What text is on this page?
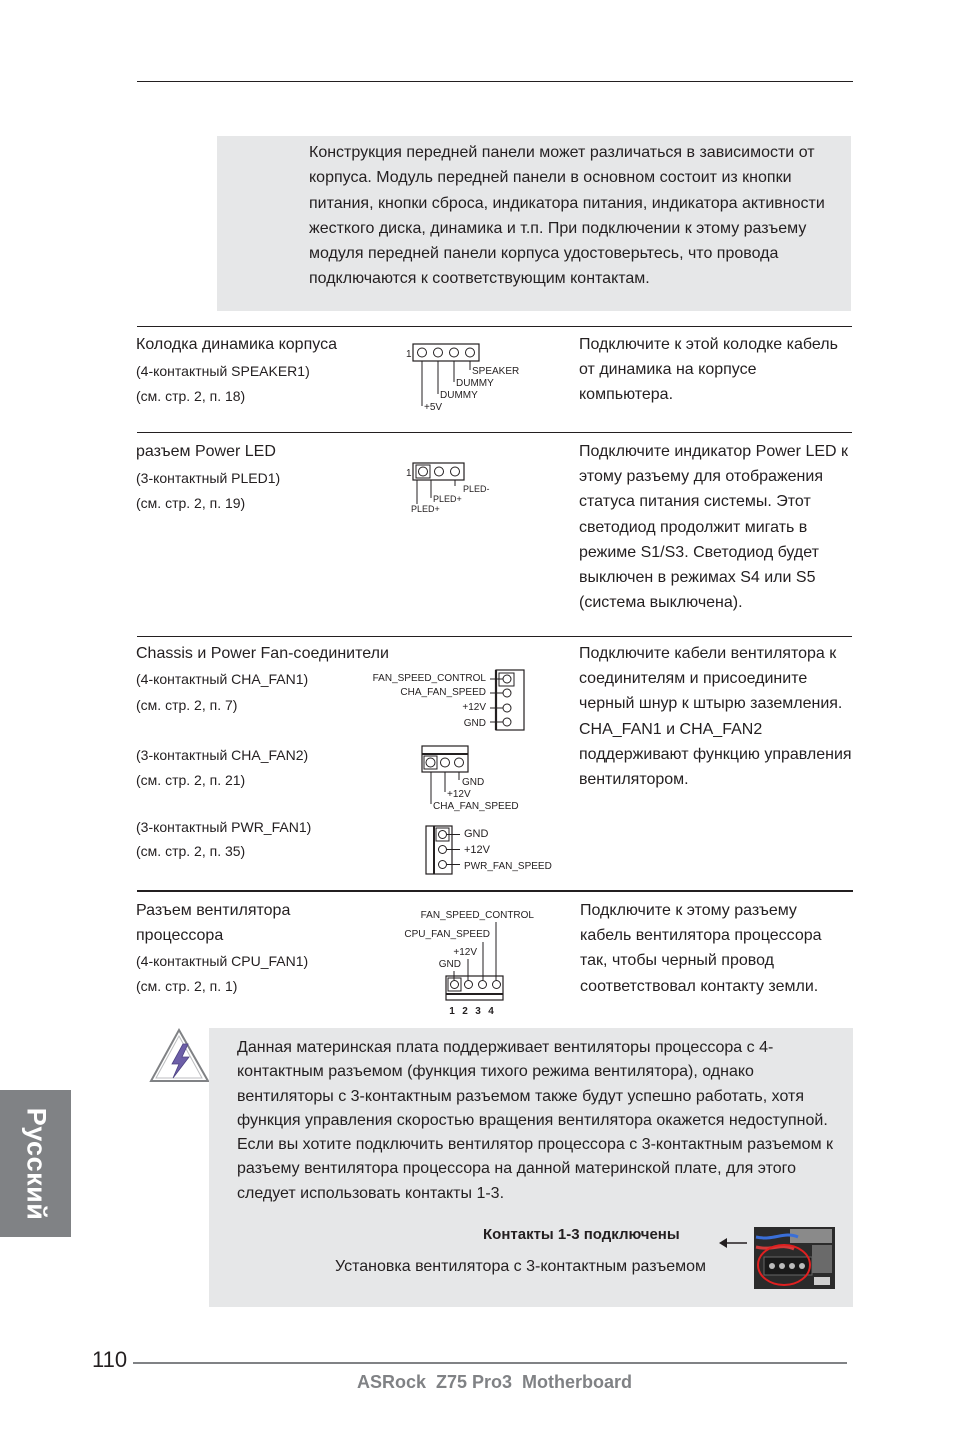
Конструкция передней панели может различаться в зависимости от корпуса. Модуль передней панели в основном состоит из кнопки питания, кнопки сброса, индикатора питания, индикатора активности жесткого диска, динамика и т.п. При подключении к этому разъему модуля передней панели корпуса удостоверьтесь, что провода подключаются к соответствующим контактам.
Колодка динамика корпуса
(4-контактный SPEAKER1)
(см. стр. 2, п. 18)
Подключите к этой колодке кабель от динамика на корпусе компьютера.
1
SPEAKER
DUMMY
DUMMY
+5V
разъем Power LED
(3-контактный PLED1)
(см. стр. 2, п. 19)
Подключите индикатор Power LED к этому разъему для отображения статуса питания системы. Этот светодиод продолжит мигать в режиме S1/S3. Светодиод будет выключен в режимах S4 или S5 (система выключена).
1
PLED-
PLED+
PLED+
Chassis и Power Fan-соединители
(4-контактный CHA_FAN1)
(см. стр. 2, п. 7)
(3-контактный CHA_FAN2)
(см. стр. 2, п. 21)
(3-контактный PWR_FAN1)
(см. стр. 2, п. 35)
Подключите кабели вентилятора к соединителям и присоедините черный шнур к штырю заземления. CHA_FAN1 и CHA_FAN2 поддерживают функцию управления вентилятором.
FAN_SPEED_CONTROL
CHA_FAN_SPEED
+12V
GND
GND
+12V
CHA_FAN_SPEED
GND
+12V
PWR_FAN_SPEED
Разъем вентилятора
процессора
(4-контактный CPU_FAN1)
(см. стр. 2, п. 1)
Подключите к этому разъему кабель вентилятора процессора так, чтобы черный провод соответствовал контакту земли.
FAN_SPEED_CONTROL
CPU_FAN_SPEED
+12V
GND
1 2 3 4
Данная материнская плата поддерживает вентиляторы процессора с 4-контактным разъемом (функция тихого режима вентилятора), однако вентиляторы с 3-контактным разъемом также будут успешно работать, хотя функция управления скоростью вращения вентилятора окажется недоступной. Если вы хотите подключить вентилятор процессора с 3-контактным разъемом к разъему вентилятора процессора на данной материнской плате, для этого следует использовать контакты 1-3.
Контакты 1-3 подключены
Установка вентилятора с 3-контактным разъемом
Русский
110
ASRock  Z75 Pro3  Motherboard
